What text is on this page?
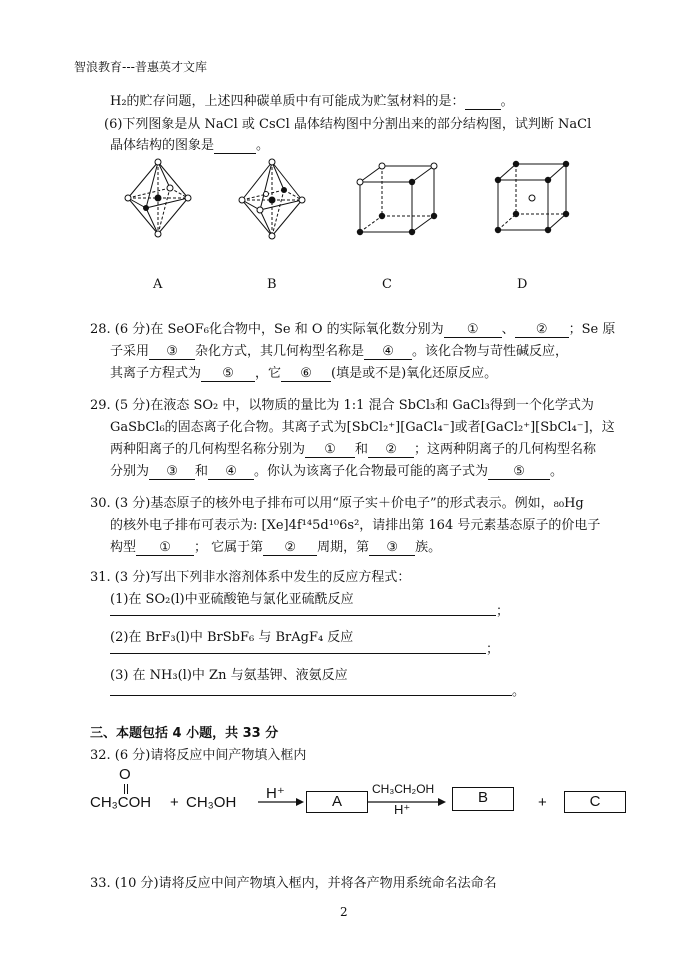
智浪教育---普惠英才文库
H₂的贮存问题，上述四种碳单质中有可能成为贮氢材料的是：	。
(6)下列图象是从 NaCl 或 CsCl 晶体结构图中分割出来的部分结构图，试判断 NaCl
晶体结构的图象是	。
A	B	C	D
28. (6 分)在 SeOF₆化合物中，Se 和 O 的实际氧化数分别为 ① 、 ② ；Se 原
子采用 ③ 杂化方式，其几何构型名称是 ④ 。该化合物与苛性碱反应，
其离子方程式为 ⑤ ，它 ⑥ (填是或不是)氧化还原反应。
29. (5 分)在液态 SO₂ 中，以物质的量比为 1:1 混合 SbCl₃和 GaCl₃得到一个化学式为
GaSbCl₆的固态离子化合物。其离子式为[SbCl₂⁺][GaCl₄⁻]或者[GaCl₂⁺][SbCl₄⁻]，这
两种阳离子的几何构型名称分别为 ① 和 ② ；这两种阴离子的几何构型名称
分别为 ③ 和 ④ 。你认为该离子化合物最可能的离子式为 ⑤ 。
30. (3 分)基态原子的核外电子排布可以用“原子实＋价电子”的形式表示。例如，₈₀Hg
的核外电子排布可表示为: [Xe]4f¹⁴5d¹⁰6s²，请排出第 164 号元素基态原子的价电子
构型 ① ； 它属于第 ② 周期，第 ③ 族。
31. (3 分)写出下列非水溶剂体系中发生的反应方程式：
(1)在 SO₂(l)中亚硫酸铯与氯化亚硫酰反应
；
(2)在 BrF₃(l)中 BrSbF₆ 与 BrAgF₄ 反应
；
(3) 在 NH₃(l)中 Zn 与氨基钾、液氨反应
。
三、本题包括 4 小题，共 33 分
32. (6 分)请将反应中间产物填入框内
O
CH₃COH + CH₃OH
H⁺	A
CH₃CH₂OH
H⁺
B	+	C
33. (10 分)请将反应中间产物填入框内，并将各产物用系统命名法命名
2
